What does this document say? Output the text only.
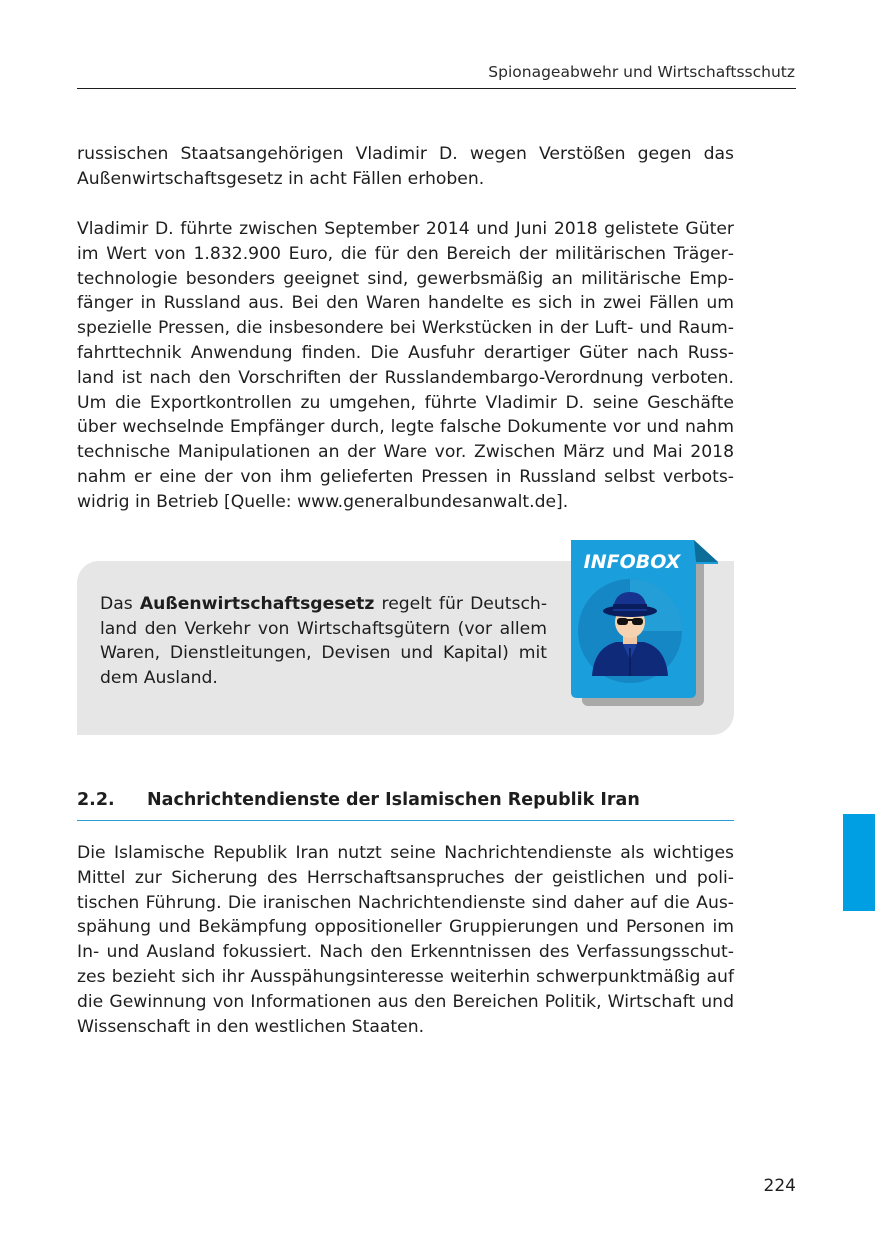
Spionageabwehr und Wirtschaftsschutz

russischen Staatsangehörigen Vladimir D. wegen Verstößen gegen das Außenwirtschaftsgesetz in acht Fällen erhoben.

Vladimir D. führte zwischen September 2014 und Juni 2018 gelistete Güter im Wert von 1.832.900 Euro, die für den Bereich der militärischen Trägertechnologie besonders geeignet sind, gewerbsmäßig an militärische Empfänger in Russland aus. Bei den Waren handelte es sich in zwei Fällen um spezielle Pressen, die insbesondere bei Werkstücken in der Luft- und Raumfahrttechnik Anwendung finden. Die Ausfuhr derartiger Güter nach Russland ist nach den Vorschriften der Russlandembargo-Verordnung verboten. Um die Exportkontrollen zu umgehen, führte Vladimir D. seine Geschäfte über wechselnde Empfänger durch, legte falsche Dokumente vor und nahm technische Manipulationen an der Ware vor. Zwischen März und Mai 2018 nahm er eine der von ihm gelieferten Pressen in Russland selbst verbotswidrig in Betrieb [Quelle: www.generalbundesanwalt.de].

Das Außenwirtschaftsgesetz regelt für Deutschland den Verkehr von Wirtschaftsgütern (vor allem Waren, Dienstleitungen, Devisen und Kapital) mit dem Ausland.

INFOBOX
2.2. Nachrichtendienste der Islamischen Republik Iran

Die Islamische Republik Iran nutzt seine Nachrichtendienste als wichtiges Mittel zur Sicherung des Herrschaftsanspruches der geistlichen und politischen Führung. Die iranischen Nachrichtendienste sind daher auf die Ausspähung und Bekämpfung oppositioneller Gruppierungen und Personen im In- und Ausland fokussiert. Nach den Erkenntnissen des Verfassungsschutzes bezieht sich ihr Ausspähungsinteresse weiterhin schwerpunktmäßig auf die Gewinnung von Informationen aus den Bereichen Politik, Wirtschaft und Wissenschaft in den westlichen Staaten.

224
